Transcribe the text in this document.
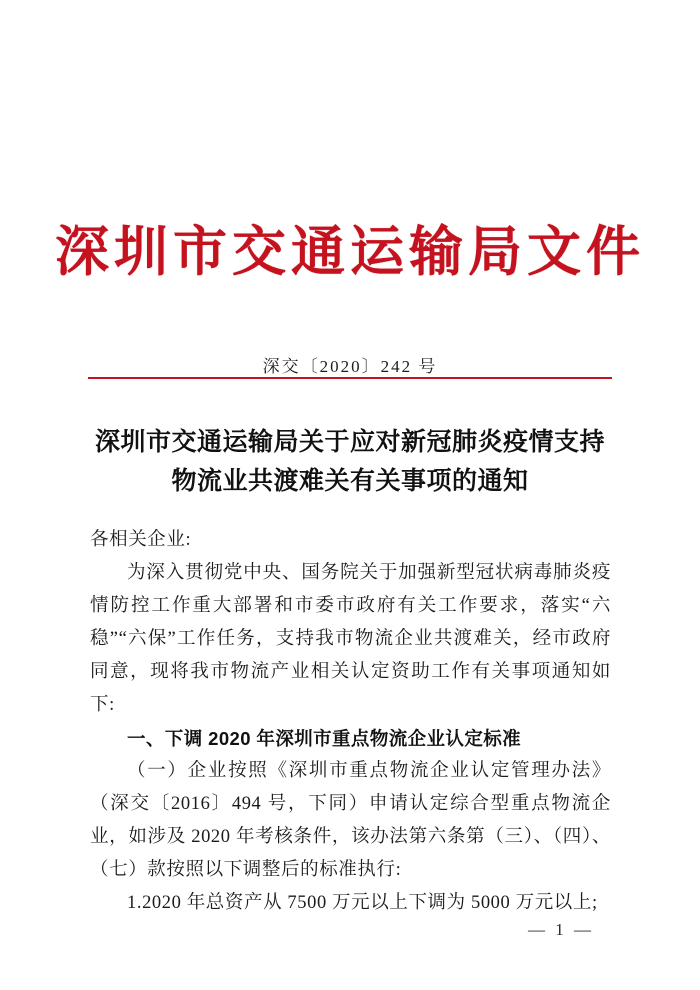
深圳市交通运输局文件
深交〔2020〕242 号
深圳市交通运输局关于应对新冠肺炎疫情支持
物流业共渡难关有关事项的通知

各相关企业:

为深入贯彻党中央、国务院关于加强新型冠状病毒肺炎疫情防控工作重大部署和市委市政府有关工作要求，落实“六稳”“六保”工作任务，支持我市物流企业共渡难关，经市政府同意，现将我市物流产业相关认定资助工作有关事项通知如下:

一、下调 2020 年深圳市重点物流企业认定标准

（一）企业按照《深圳市重点物流企业认定管理办法》（深交〔2016〕494 号，下同）申请认定综合型重点物流企业，如涉及 2020 年考核条件，该办法第六条第（三）、（四）、（七）款按照以下调整后的标准执行:

1.2020 年总资产从 7500 万元以上下调为 5000 万元以上;

— 1 —
